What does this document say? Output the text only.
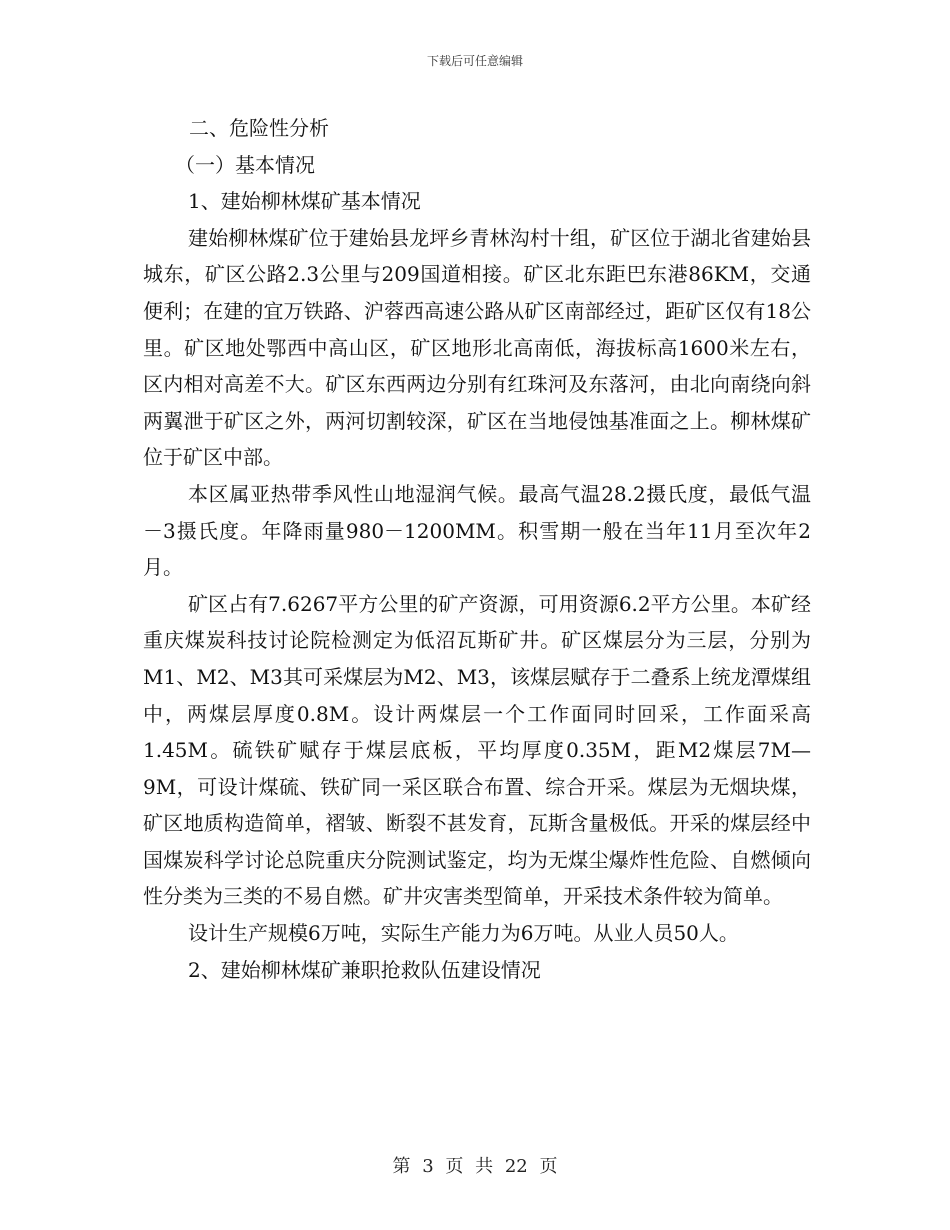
下载后可任意编辑

二、危险性分析

（一）基本情况

1、建始柳林煤矿基本情况

建始柳林煤矿位于建始县龙坪乡青林沟村十组，矿区位于湖北省建始县城东，矿区公路2.3公里与209国道相接。矿区北东距巴东港86KM，交通便利；在建的宜万铁路、沪蓉西高速公路从矿区南部经过，距矿区仅有18公里。矿区地处鄂西中高山区，矿区地形北高南低，海拔标高1600米左右，区内相对高差不大。矿区东西两边分别有红珠河及东落河，由北向南绕向斜两翼泄于矿区之外，两河切割较深，矿区在当地侵蚀基准面之上。柳林煤矿位于矿区中部。

本区属亚热带季风性山地湿润气候。最高气温28.2摄氏度，最低气温－3摄氏度。年降雨量980－1200MM。积雪期一般在当年11月至次年2月。

矿区占有7.6267平方公里的矿产资源，可用资源6.2平方公里。本矿经重庆煤炭科技讨论院检测定为低沼瓦斯矿井。矿区煤层分为三层，分别为M1、M2、M3其可采煤层为M2、M3，该煤层赋存于二叠系上统龙潭煤组中，两煤层厚度0.8M。设计两煤层一个工作面同时回采，工作面采高1.45M。硫铁矿赋存于煤层底板，平均厚度0.35M，距M2煤层7M—9M，可设计煤硫、铁矿同一采区联合布置、综合开采。煤层为无烟块煤，矿区地质构造简单，褶皱、断裂不甚发育，瓦斯含量极低。开采的煤层经中国煤炭科学讨论总院重庆分院测试鉴定，均为无煤尘爆炸性危险、自燃倾向性分类为三类的不易自燃。矿井灾害类型简单，开采技术条件较为简单。

设计生产规模6万吨，实际生产能力为6万吨。从业人员50人。

2、建始柳林煤矿兼职抢救队伍建设情况

第 3 页 共 22 页
